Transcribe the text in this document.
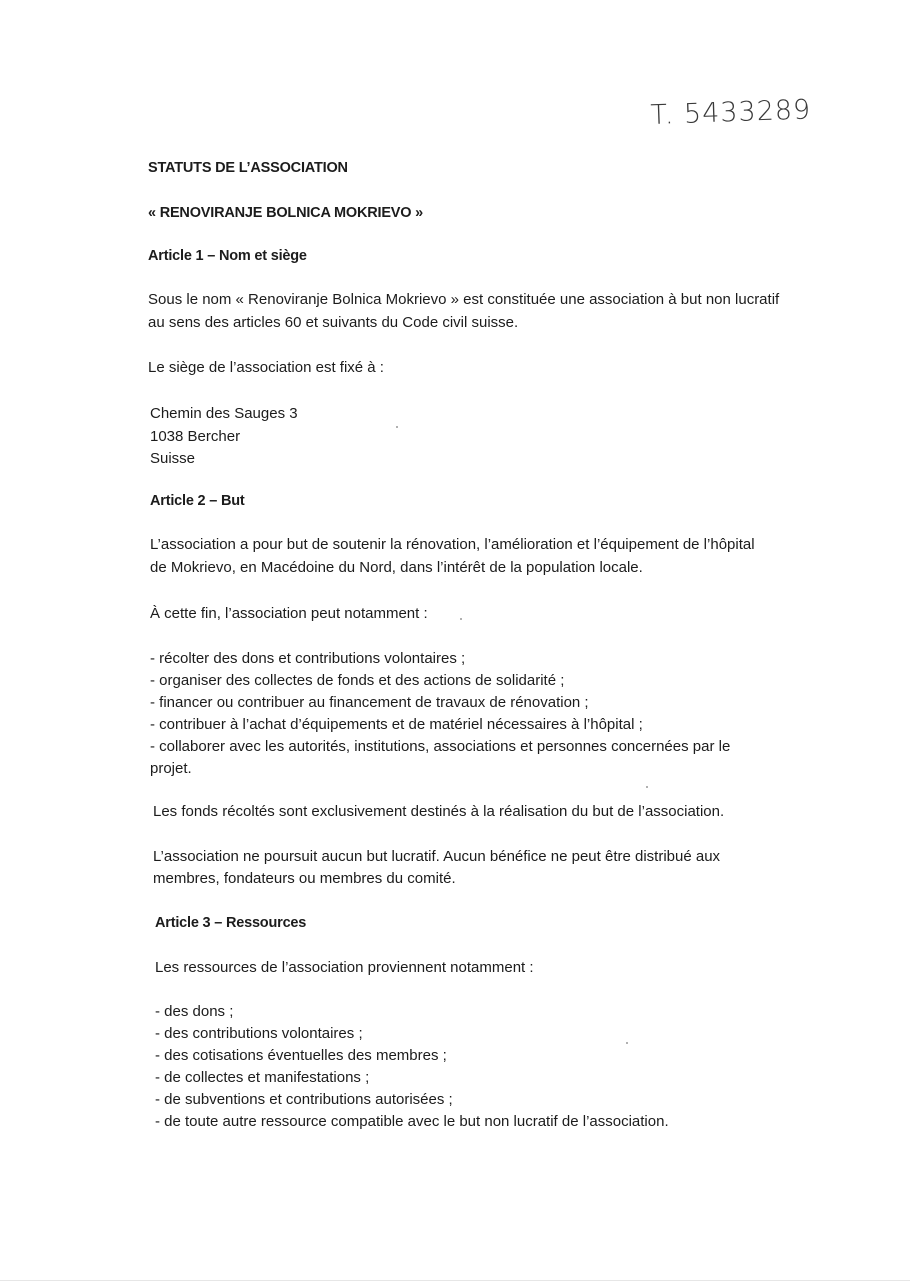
T. 5433289
STATUTS DE L’ASSOCIATION
« RENOVIRANJE BOLNICA MOKRIEVO »
Article 1 – Nom et siège
Sous le nom « Renoviranje Bolnica Mokrievo » est constituée une association à but non lucratif
au sens des articles 60 et suivants du Code civil suisse.
Le siège de l’association est fixé à :
Chemin des Sauges 3
1038 Bercher
Suisse
Article 2 – But
L’association a pour but de soutenir la rénovation, l’amélioration et l’équipement de l’hôpital
de Mokrievo, en Macédoine du Nord, dans l’intérêt de la population locale.
À cette fin, l’association peut notamment :
- récolter des dons et contributions volontaires ;
- organiser des collectes de fonds et des actions de solidarité ;
- financer ou contribuer au financement de travaux de rénovation ;
- contribuer à l’achat d’équipements et de matériel nécessaires à l’hôpital ;
- collaborer avec les autorités, institutions, associations et personnes concernées par le
projet.
Les fonds récoltés sont exclusivement destinés à la réalisation du but de l’association.
L’association ne poursuit aucun but lucratif. Aucun bénéfice ne peut être distribué aux
membres, fondateurs ou membres du comité.
Article 3 – Ressources
Les ressources de l’association proviennent notamment :
- des dons ;
- des contributions volontaires ;
- des cotisations éventuelles des membres ;
- de collectes et manifestations ;
- de subventions et contributions autorisées ;
- de toute autre ressource compatible avec le but non lucratif de l’association.
